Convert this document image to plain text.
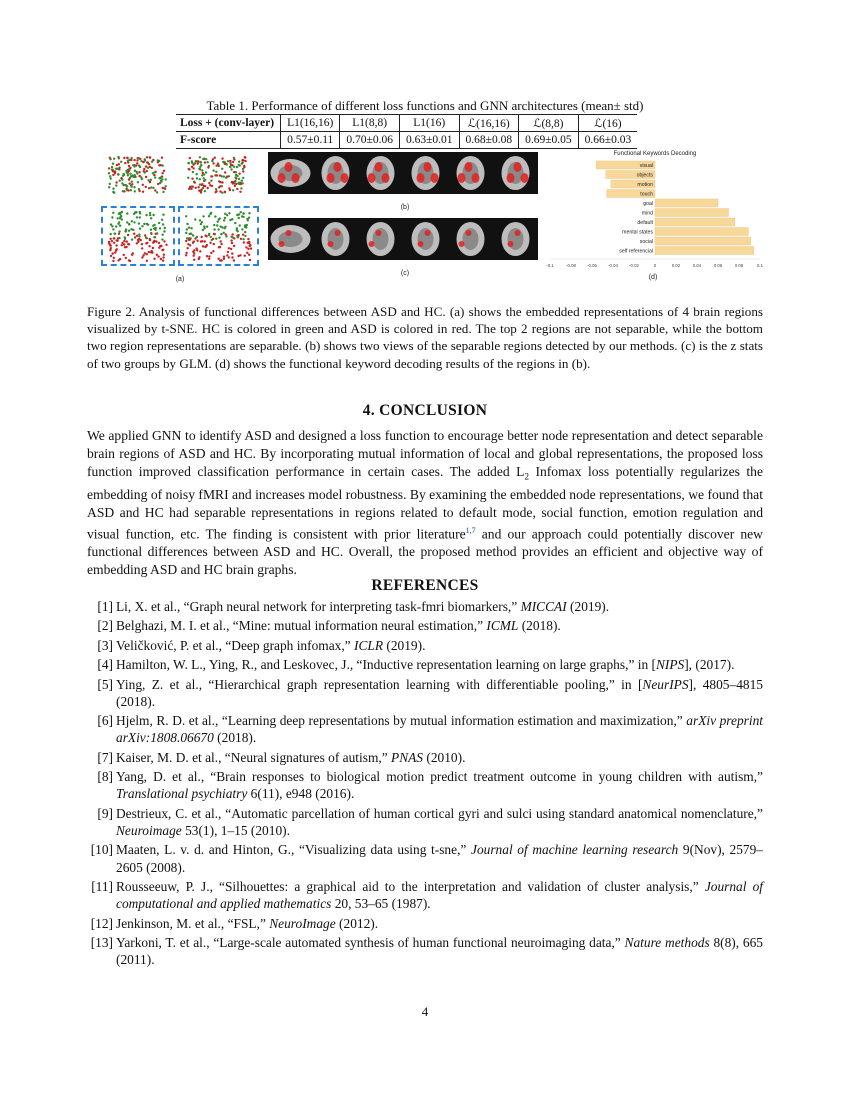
Table 1. Performance of different loss functions and GNN architectures (mean± std)
Loss + (conv-layer)	L1(16,16)	L1(8,8)	L1(16)	ℒ(16,16)	ℒ(8,8)	ℒ(16)
F-score	0.57±0.11	0.70±0.06	0.63±0.01	0.68±0.08	0.69±0.05	0.66±0.03
(a)
(b)
(c)
Functional Keywords Decoding
visual
objects
motion
touch
goal
mind
default
mental states
social
self referencial
-0.1	-0.08	-0.06	-0.04	-0.02	0	0.02	0.04	0.06	0.08	0.1
(d)
Figure 2. Analysis of functional differences between ASD and HC. (a) shows the embedded representations of 4 brain regions visualized by t-SNE. HC is colored in green and ASD is colored in red. The top 2 regions are not separable, while the bottom two region representations are separable. (b) shows two views of the separable regions detected by our methods. (c) is the z stats of two groups by GLM. (d) shows the functional keyword decoding results of the regions in (b).
4. CONCLUSION
We applied GNN to identify ASD and designed a loss function to encourage better node representation and detect separable brain regions of ASD and HC. By incorporating mutual information of local and global representations, the proposed loss function improved classification performance in certain cases. The added $L_2$ Infomax loss potentially regularizes the embedding of noisy fMRI and increases model robustness. By examining the embedded node representations, we found that ASD and HC had separable representations in regions related to default mode, social function, emotion regulation and visual function, etc. The finding is consistent with prior literature$^{1,7}$ and our approach could potentially discover new functional differences between ASD and HC. Overall, the proposed method provides an efficient and objective way of embedding ASD and HC brain graphs.
REFERENCES
[1] Li, X. et al., “Graph neural network for interpreting task-fmri biomarkers,” MICCAI (2019).
[2] Belghazi, M. I. et al., “Mine: mutual information neural estimation,” ICML (2018).
[3] Veličković, P. et al., “Deep graph infomax,” ICLR (2019).
[4] Hamilton, W. L., Ying, R., and Leskovec, J., “Inductive representation learning on large graphs,” in [NIPS], (2017).
[5] Ying, Z. et al., “Hierarchical graph representation learning with differentiable pooling,” in [NeurIPS], 4805–4815 (2018).
[6] Hjelm, R. D. et al., “Learning deep representations by mutual information estimation and maximization,” arXiv preprint arXiv:1808.06670 (2018).
[7] Kaiser, M. D. et al., “Neural signatures of autism,” PNAS (2010).
[8] Yang, D. et al., “Brain responses to biological motion predict treatment outcome in young children with autism,” Translational psychiatry 6(11), e948 (2016).
[9] Destrieux, C. et al., “Automatic parcellation of human cortical gyri and sulci using standard anatomical nomenclature,” Neuroimage 53(1), 1–15 (2010).
[10] Maaten, L. v. d. and Hinton, G., “Visualizing data using t-sne,” Journal of machine learning research 9(Nov), 2579–2605 (2008).
[11] Rousseeuw, P. J., “Silhouettes: a graphical aid to the interpretation and validation of cluster analysis,” Journal of computational and applied mathematics 20, 53–65 (1987).
[12] Jenkinson, M. et al., “FSL,” NeuroImage (2012).
[13] Yarkoni, T. et al., “Large-scale automated synthesis of human functional neuroimaging data,” Nature methods 8(8), 665 (2011).
4
